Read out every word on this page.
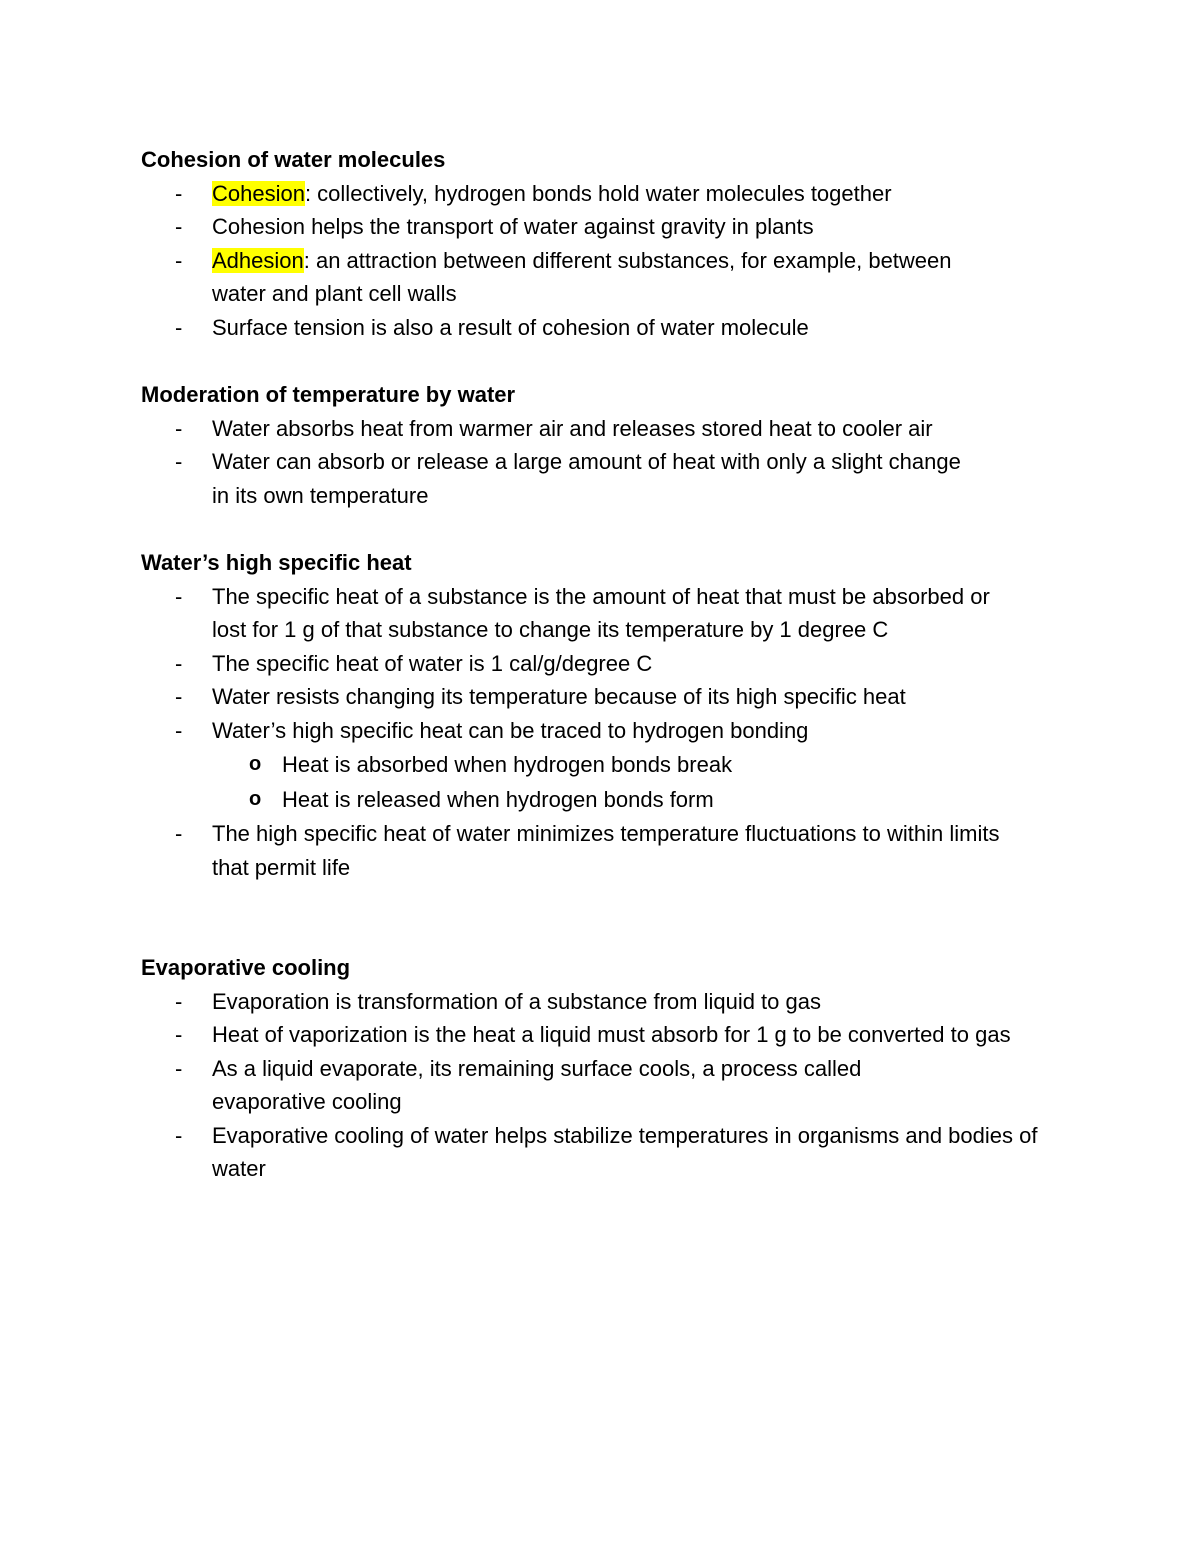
Cohesion of water molecules
- Cohesion: collectively, hydrogen bonds hold water molecules together
- Cohesion helps the transport of water against gravity in plants
- Adhesion: an attraction between different substances, for example, between water and plant cell walls
- Surface tension is also a result of cohesion of water molecule
Moderation of temperature by water
- Water absorbs heat from warmer air and releases stored heat to cooler air
- Water can absorb or release a large amount of heat with only a slight change in its own temperature
Water’s high specific heat
- The specific heat of a substance is the amount of heat that must be absorbed or lost for 1 g of that substance to change its temperature by 1 degree C
- The specific heat of water is 1 cal/g/degree C
- Water resists changing its temperature because of its high specific heat
- Water’s high specific heat can be traced to hydrogen bonding
o Heat is absorbed when hydrogen bonds break
o Heat is released when hydrogen bonds form
- The high specific heat of water minimizes temperature fluctuations to within limits that permit life
Evaporative cooling
- Evaporation is transformation of a substance from liquid to gas
- Heat of vaporization is the heat a liquid must absorb for 1 g to be converted to gas
- As a liquid evaporate, its remaining surface cools, a process called evaporative cooling
- Evaporative cooling of water helps stabilize temperatures in organisms and bodies of water
